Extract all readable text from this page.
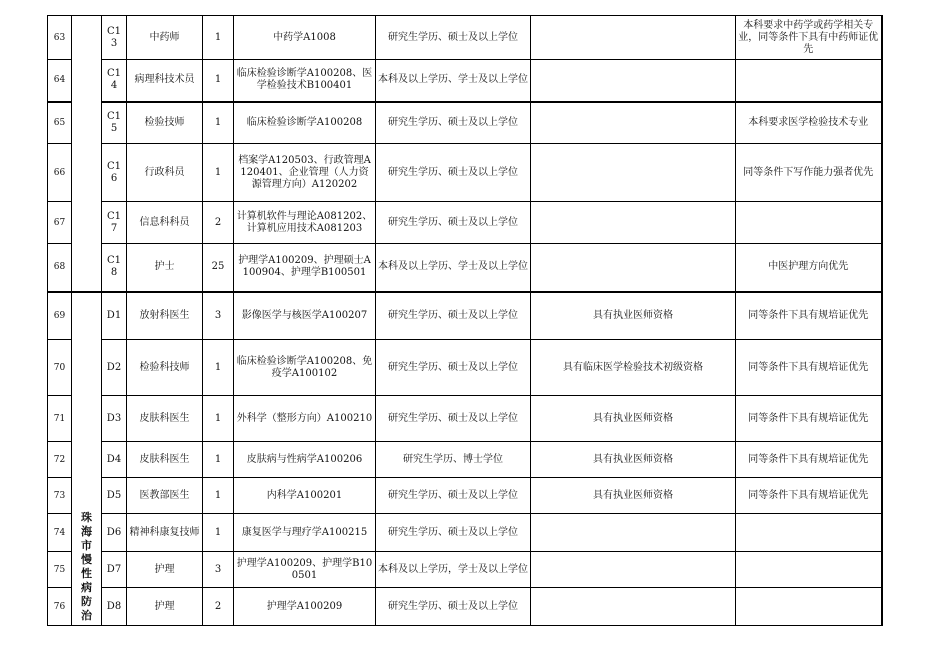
63		C13	中药师	1	中药学A1008	研究生学历、硕士及以上学位		本科要求中药学或药学相关专业，同等条件下具有中药师证优先
64		C14	病理科技术员	1	临床检验诊断学A100208、医学检验技术B100401	本科及以上学历、学士及以上学位		
65		C15	检验技师	1	临床检验诊断学A100208	研究生学历、硕士及以上学位		本科要求医学检验技术专业
66		C16	行政科员	1	档案学A120503、行政管理A120401、企业管理（人力资源管理方向）A120202	研究生学历、硕士及以上学位		同等条件下写作能力强者优先
67		C17	信息科科员	2	计算机软件与理论A081202、计算机应用技术A081203	研究生学历、硕士及以上学位		
68		C18	护士	25	护理学A100209、护理硕士A100904、护理学B100501	本科及以上学历、学士及以上学位		中医护理方向优先
69	珠海市慢性病防治	D1	放射科医生	3	影像医学与核医学A100207	研究生学历、硕士及以上学位	具有执业医师资格	同等条件下具有规培证优先
70		D2	检验科技师	1	临床检验诊断学A100208、免疫学A100102	研究生学历、硕士及以上学位	具有临床医学检验技术初级资格	同等条件下具有规培证优先
71		D3	皮肤科医生	1	外科学（整形方向）A100210	研究生学历、硕士及以上学位	具有执业医师资格	同等条件下具有规培证优先
72		D4	皮肤科医生	1	皮肤病与性病学A100206	研究生学历、博士学位	具有执业医师资格	同等条件下具有规培证优先
73		D5	医教部医生	1	内科学A100201	研究生学历、硕士及以上学位	具有执业医师资格	同等条件下具有规培证优先
74		D6	精神科康复技师	1	康复医学与理疗学A100215	研究生学历、硕士及以上学位		
75		D7	护理	3	护理学A100209、护理学B100501	本科及以上学历，学士及以上学位		
76		D8	护理	2	护理学A100209	研究生学历、硕士及以上学位		
